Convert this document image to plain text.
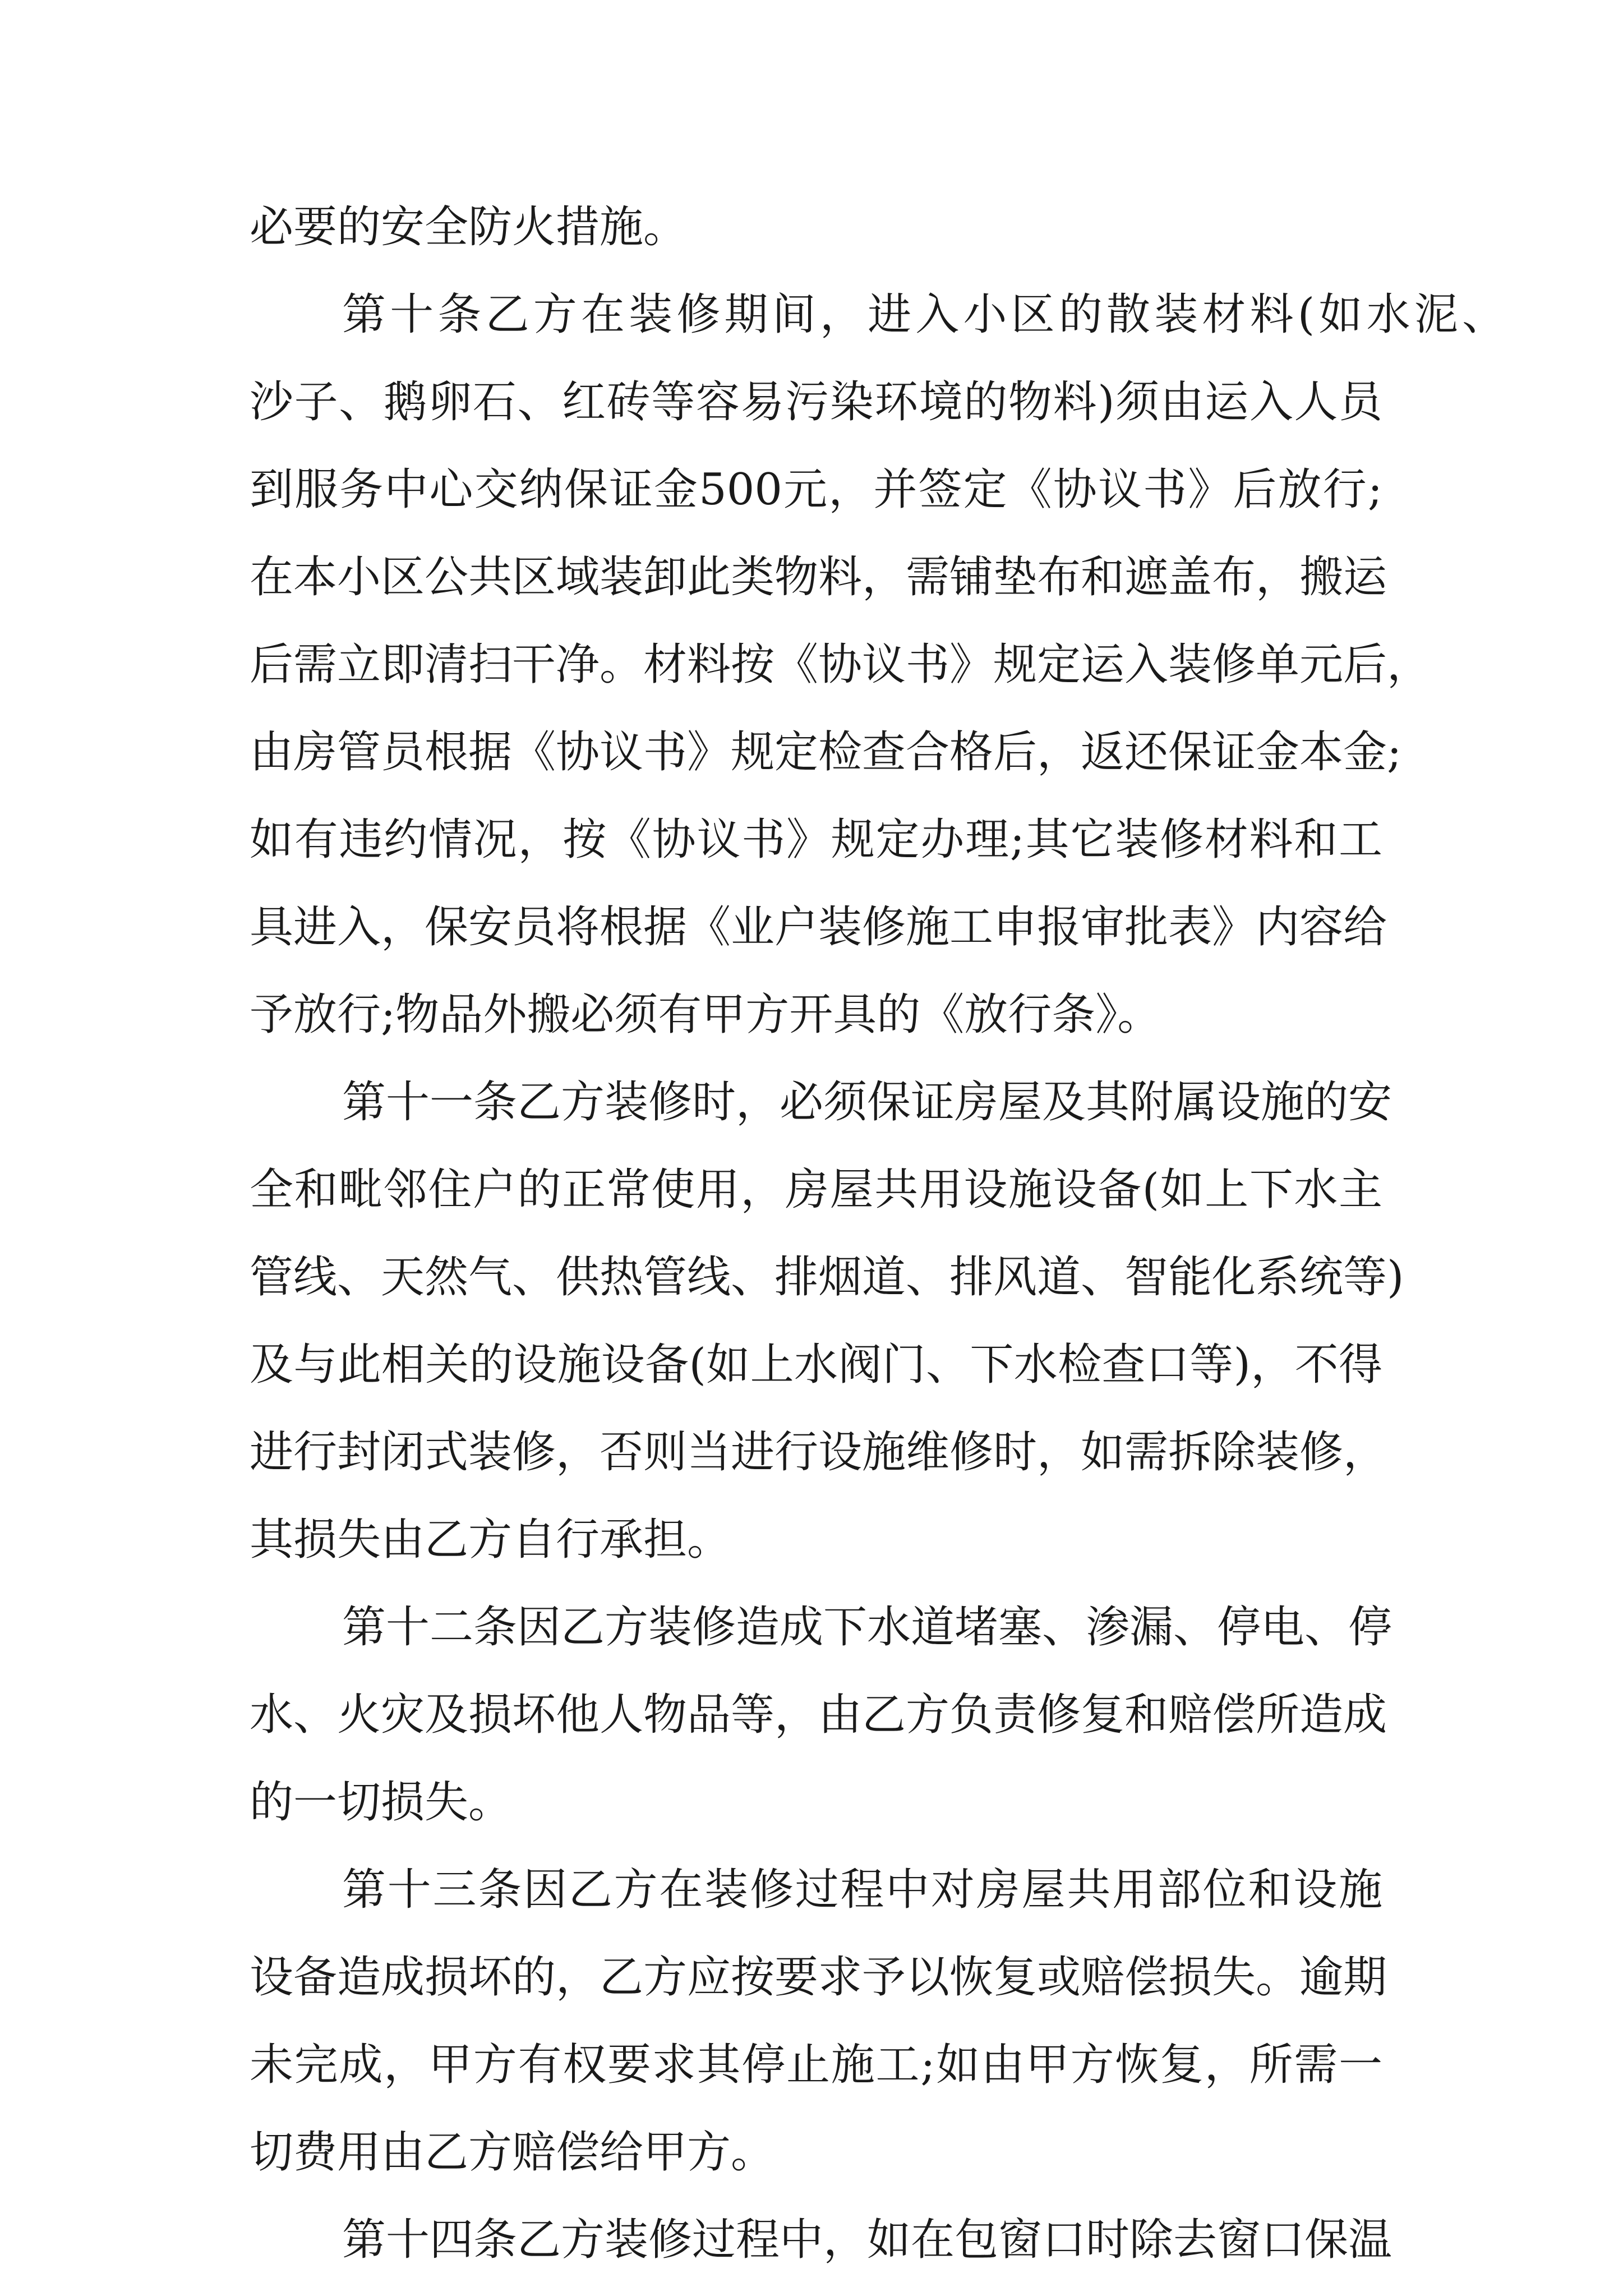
必要的安全防火措施。
第十条乙方在装修期间，进入小区的散装材料(如水泥、
沙子、鹅卵石、红砖等容易污染环境的物料)须由运入人员
到服务中心交纳保证金500元，并签定《协议书》后放行;
在本小区公共区域装卸此类物料，需铺垫布和遮盖布，搬运
后需立即清扫干净。材料按《协议书》规定运入装修单元后，
由房管员根据《协议书》规定检查合格后，返还保证金本金;
如有违约情况，按《协议书》规定办理;其它装修材料和工
具进入，保安员将根据《业户装修施工申报审批表》内容给
予放行;物品外搬必须有甲方开具的《放行条》。
第十一条乙方装修时，必须保证房屋及其附属设施的安
全和毗邻住户的正常使用，房屋共用设施设备(如上下水主
管线、天然气、供热管线、排烟道、排风道、智能化系统等)
及与此相关的设施设备(如上水阀门、下水检查口等)，不得
进行封闭式装修，否则当进行设施维修时，如需拆除装修，
其损失由乙方自行承担。
第十二条因乙方装修造成下水道堵塞、渗漏、停电、停
水、火灾及损坏他人物品等，由乙方负责修复和赔偿所造成
的一切损失。
第十三条因乙方在装修过程中对房屋共用部位和设施
设备造成损坏的，乙方应按要求予以恢复或赔偿损失。逾期
未完成，甲方有权要求其停止施工;如由甲方恢复，所需一
切费用由乙方赔偿给甲方。
第十四条乙方装修过程中，如在包窗口时除去窗口保温
